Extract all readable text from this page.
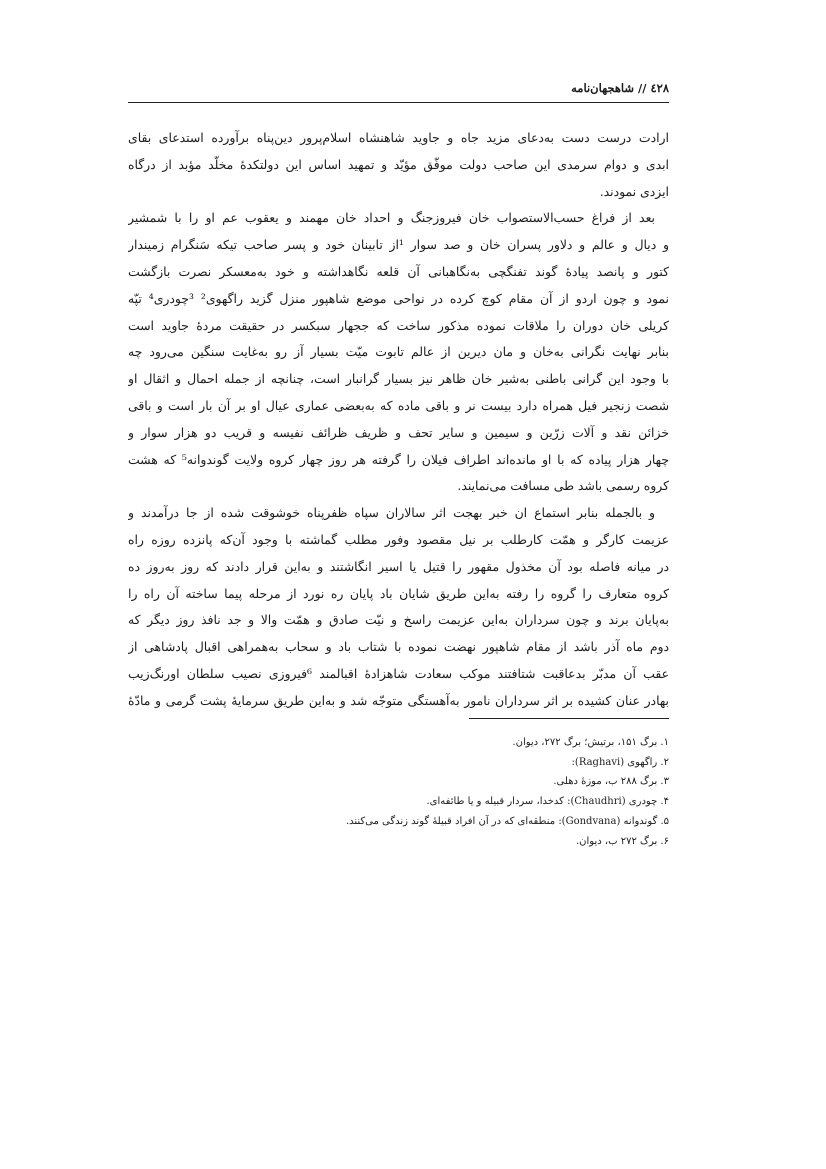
٤٢٨ // شاهجهان‌نامه
ارادت درست دست به‌دعای مزید جاه و جاوید شاهنشاه اسلام‌پرور دین‌پناه برآورده استدعای بقای
ابدی و دوام سرمدی این صاحب دولت موفّق مؤیّد و تمهید اساس این دولتکدهٔ مخلّد مؤبد از درگاه
ایزدی نمودند.
بعد از فراغ حسب‌الاستصواب خان فیروزجنگ و احداد خان مهمند و یعقوب عم او را با شمشیر
و دیال و عالم و دلاور پسران خان و صد سوار ¹از تابینان خود و پسر صاحب تیکه سَنگرام زمیندار
کتور و پانصد پیادهٔ گوند تفنگچی به‌نگاهبانی آن قلعه نگاهداشته و خود به‌معسکر نصرت بازگشت
نمود و چون اردو از آن مقام کوچ کرده در نواحی موضع شاهپور منزل گزید راگهوی² ³چودری⁴ تپّه
کریلی خان دوران را ملاقات نموده مذکور ساخت که ججهار سبکسر در حقیقت مردهٔ جاوید است
بنابر نهایت نگرانی به‌خان و مان دیرین از عالم تابوت میّت بسیار آز رو به‌غایت سنگین می‌رود چه
با وجود این گرانی باطنی به‌شیر خان ظاهر نیز بسیار گرانبار است، چنانچه از جمله احمال و اثقال او
شصت زنجیر فیل همراه دارد بیست نر و باقی ماده که به‌بعضی عماری عیال او بر آن بار است و باقی
خزائن نقد و آلات زرّین و سیمین و سایر تحف و ظریف ظرائف نفیسه و قریب دو هزار سوار و
چهار هزار پیاده که با او مانده‌اند اطراف فیلان را گرفته هر روز چهار کروه ولایت گوندوانه⁵ که هشت
کروه رسمی باشد طی مسافت می‌نمایند.
و بالجمله بنابر استماع ان خبر بهجت اثر سالاران سپاه ظفرپناه خوشوقت شده از جا درآمدند و
عزیمت کارگر و همّت کارطلب بر نیل مقصود وفور مطلب گماشته با وجود آن‌که پانزده روزه راه
در میانه فاصله بود آن مخذول مقهور را قتیل یا اسیر انگاشتند و به‌این قرار دادند که روز به‌روز ده
کروه متعارف را گروه را رفته به‌این طریق شایان باد پایان ره نورد از مرحله پیما ساخته آن راه را
به‌پایان برند و چون سرداران به‌این عزیمت راسخ و نیّت صادق و همّت والا و جد نافذ روز دیگر که
دوم ماه آذر باشد از مقام شاهپور نهضت نموده با شتاب باد و سحاب به‌همراهی اقبال پادشاهی از
عقب آن مدبّر بدعاقبت شتافتند موکب سعادت شاهزادهٔ اقبالمند ⁶فیروزی نصیب سلطان اورنگ‌زیب
بهادر عنان کشیده بر اثر سرداران نامور به‌آهستگی متوجّه شد و به‌این طریق سرمایهٔ پشت گرمی و مادّهٔ
۱. برگ ۱۵۱، برتیش؛ برگ ۲۷۲، دیوان.
۲. راگهوی (Raghavi):
۳. برگ ۲۸۸ ب، موزهٔ دهلی.
۴. چودری (Chaudhri): کدخدا، سردار قبیله و یا طائفه‌ای.
۵. گوندوانه (Gondvana): منطقه‌ای که در آن افراد قبیلهٔ گوند زندگی می‌کنند.
۶. برگ ۲۷۲ ب، دیوان.
